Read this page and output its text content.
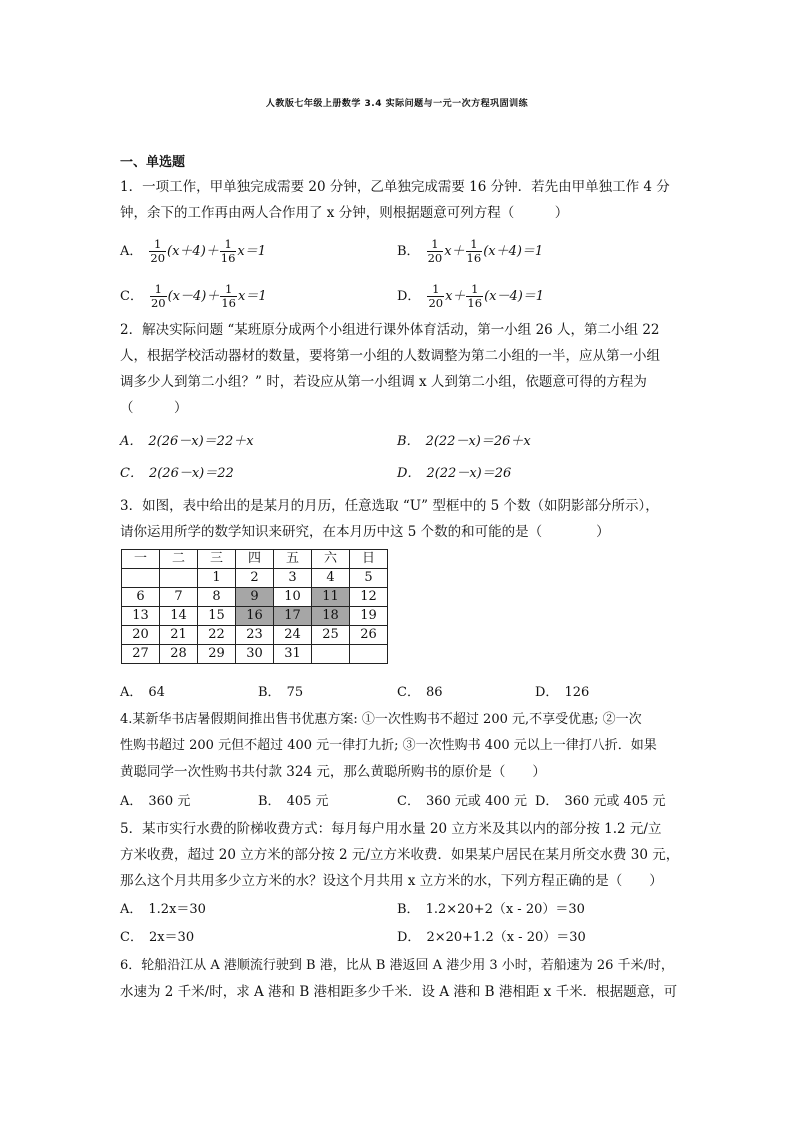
人教版七年级上册数学 3.4 实际问题与一元一次方程巩固训练
一、单选题
1．一项工作，甲单独完成需要 20 分钟，乙单独完成需要 16 分钟．若先由甲单独工作 4 分
钟，余下的工作再由两人合作用了 x 分钟，则根据题意可列方程（　　　）
A． $\frac{1}{20} (x+4)+ \frac{1}{16} x=1$	B． $\frac{1}{20} x+ \frac{1}{16} (x+4)=1$
C． $\frac{1}{20} (x-4)+ \frac{1}{16} x=1$	D． $\frac{1}{20} x+ \frac{1}{16} (x-4)=1$
2．解决实际问题 “某班原分成两个小组进行课外体育活动，第一小组 26 人，第二小组 22
人，根据学校活动器材的数量，要将第一小组的人数调整为第二小组的一半，应从第一小组
调多少人到第二小组？” 时，若设应从第一小组调 x 人到第二小组，依题意可得的方程为
（　　　）
A． 2(26－x)＝22＋x	B． 2(22－x)＝26＋x
C． 2(26－x)＝22	D． 2(22－x)＝26
3．如图，表中给出的是某月的月历，任意选取 “U” 型框中的 5 个数（如阴影部分所示），
请你运用所学的数学知识来研究，在本月历中这 5 个数的和可能的是（　　　　）
一	二	三	四	五	六	日
		1	2	3	4	5
6	7	8	9	10	11	12
13	14	15	16	17	18	19
20	21	22	23	24	25	26
27	28	29	30	31		
A． 64	B． 75	C． 86	D． 126
4.某新华书店暑假期间推出售书优惠方案: ①一次性购书不超过 200 元,不享受优惠; ②一次
性购书超过 200 元但不超过 400 元一律打九折; ③一次性购书 400 元以上一律打八折．如果
黄聪同学一次性购书共付款 324 元，那么黄聪所购书的原价是（　　）
A． 360 元	B． 405 元	C． 360 元或 400 元 D． 360 元或 405 元
5．某市实行水费的阶梯收费方式：每月每户用水量 20 立方米及其以内的部分按 1.2 元/立
方米收费，超过 20 立方米的部分按 2 元/立方米收费．如果某户居民在某月所交水费 30 元，
那么这个月共用多少立方米的水？设这个月共用 x 立方米的水，下列方程正确的是（　　）
A． 1.2x＝30	B． 1.2×20+2（x - 20）＝30
C． 2x＝30	D． 2×20+1.2（x - 20）＝30
6．轮船沿江从 A 港顺流行驶到 B 港，比从 B 港返回 A 港少用 3 小时，若船速为 26 千米/时，
水速为 2 千米/时，求 A 港和 B 港相距多少千米．设 A 港和 B 港相距 x 千米．根据题意，可
